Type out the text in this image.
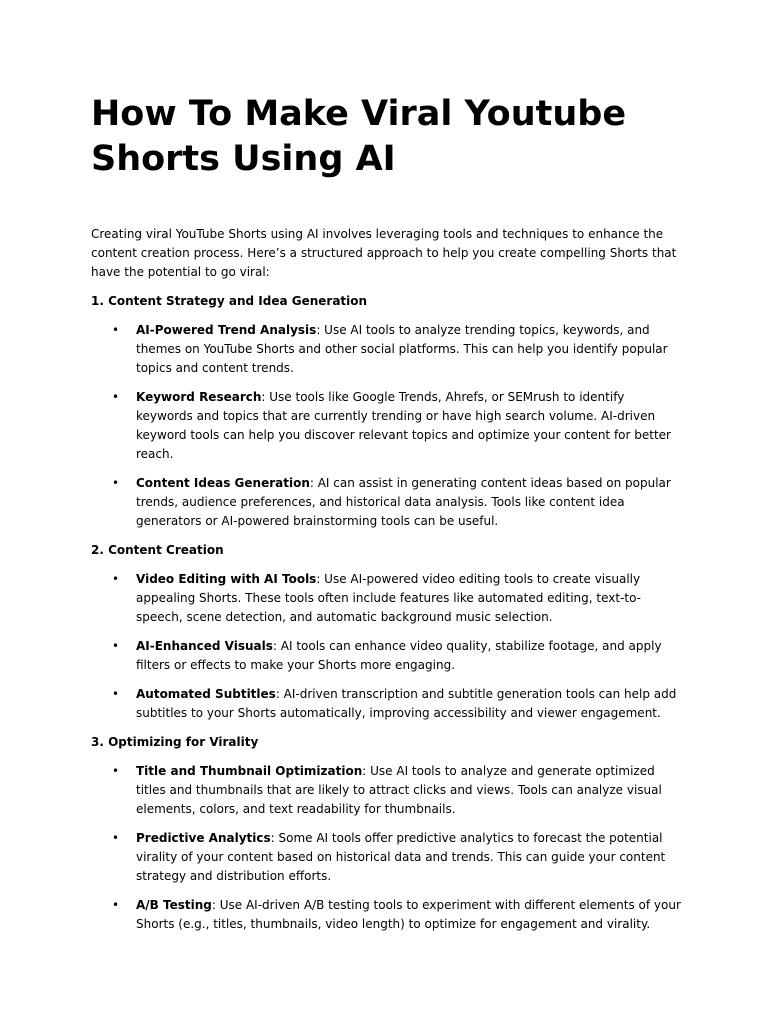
How To Make Viral Youtube Shorts Using AI

Creating viral YouTube Shorts using AI involves leveraging tools and techniques to enhance the content creation process. Here’s a structured approach to help you create compelling Shorts that have the potential to go viral:

1. Content Strategy and Idea Generation

• AI-Powered Trend Analysis: Use AI tools to analyze trending topics, keywords, and themes on YouTube Shorts and other social platforms. This can help you identify popular topics and content trends.
• Keyword Research: Use tools like Google Trends, Ahrefs, or SEMrush to identify keywords and topics that are currently trending or have high search volume. AI-driven keyword tools can help you discover relevant topics and optimize your content for better reach.
• Content Ideas Generation: AI can assist in generating content ideas based on popular trends, audience preferences, and historical data analysis. Tools like content idea generators or AI-powered brainstorming tools can be useful.

2. Content Creation

• Video Editing with AI Tools: Use AI-powered video editing tools to create visually appealing Shorts. These tools often include features like automated editing, text-to-speech, scene detection, and automatic background music selection.
• AI-Enhanced Visuals: AI tools can enhance video quality, stabilize footage, and apply filters or effects to make your Shorts more engaging.
• Automated Subtitles: AI-driven transcription and subtitle generation tools can help add subtitles to your Shorts automatically, improving accessibility and viewer engagement.

3. Optimizing for Virality

• Title and Thumbnail Optimization: Use AI tools to analyze and generate optimized titles and thumbnails that are likely to attract clicks and views. Tools can analyze visual elements, colors, and text readability for thumbnails.
• Predictive Analytics: Some AI tools offer predictive analytics to forecast the potential virality of your content based on historical data and trends. This can guide your content strategy and distribution efforts.
• A/B Testing: Use AI-driven A/B testing tools to experiment with different elements of your Shorts (e.g., titles, thumbnails, video length) to optimize for engagement and virality.
